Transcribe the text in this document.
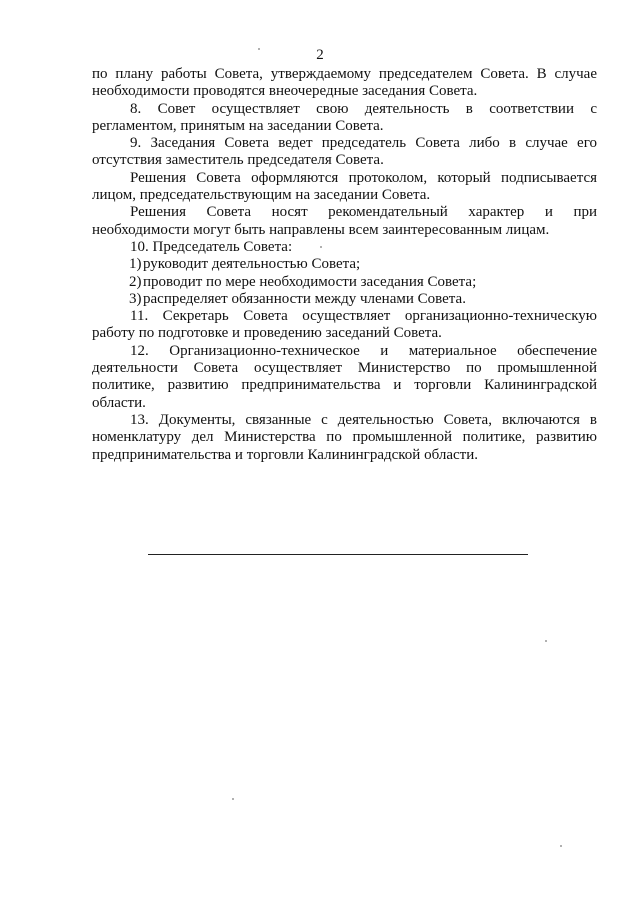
2

по плану работы Совета, утверждаемому председателем Совета. В случае необходимости проводятся внеочередные заседания Совета.

8. Совет осуществляет свою деятельность в соответствии с регламентом, принятым на заседании Совета.

9. Заседания Совета ведет председатель Совета либо в случае его отсутствия заместитель председателя Совета.

Решения Совета оформляются протоколом, который подписывается лицом, председательствующим на заседании Совета.

Решения Совета носят рекомендательный характер и при необходимости могут быть направлены всем заинтересованным лицам.

10. Председатель Совета:

1) руководит деятельностью Совета;
2) проводит по мере необходимости заседания Совета;
3) распределяет обязанности между членами Совета.

11. Секретарь Совета осуществляет организационно-техническую работу по подготовке и проведению заседаний Совета.

12. Организационно-техническое и материальное обеспечение деятельности Совета осуществляет Министерство по промышленной политике, развитию предпринимательства и торговли Калининградской области.

13. Документы, связанные с деятельностью Совета, включаются в номенклатуру дел Министерства по промышленной политике, развитию предпринимательства и торговли Калининградской области.
